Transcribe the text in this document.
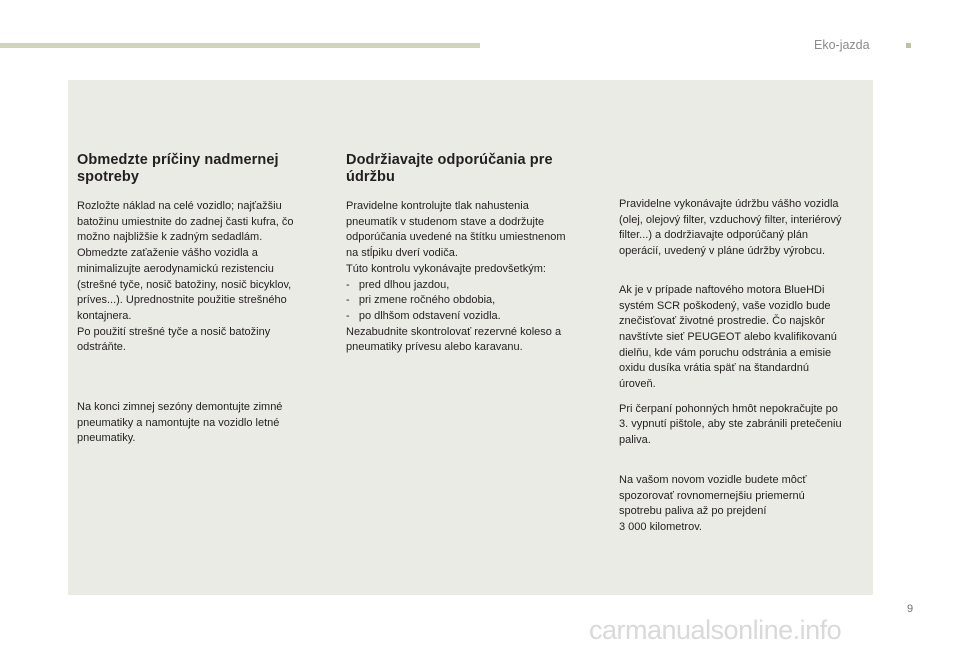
Eko-jazda

Obmedzte príčiny nadmernej
spotreby

Rozložte náklad na celé vozidlo; najťažšiu
batožinu umiestnite do zadnej časti kufra, čo
možno najbližšie k zadným sedadlám.
Obmedzte zaťaženie vášho vozidla a
minimalizujte aerodynamickú rezistenciu
(strešné tyče, nosič batožiny, nosič bicyklov,
príves...). Uprednostnite použitie strešného
kontajnera.
Po použití strešné tyče a nosič batožiny
odstráňte.

Na konci zimnej sezóny demontujte zimné
pneumatiky a namontujte na vozidlo letné
pneumatiky.

Dodržiavajte odporúčania pre
údržbu

Pravidelne kontrolujte tlak nahustenia
pneumatík v studenom stave a dodržujte
odporúčania uvedené na štítku umiestnenom
na stĺpiku dverí vodiča.
Túto kontrolu vykonávajte predovšetkým:
-   pred dlhou jazdou,
-   pri zmene ročného obdobia,
-   po dlhšom odstavení vozidla.
Nezabudnite skontrolovať rezervné koleso a
pneumatiky prívesu alebo karavanu.

Pravidelne vykonávajte údržbu vášho vozidla
(olej, olejový filter, vzduchový filter, interiérový
filter...) a dodržiavajte odporúčaný plán
operácií, uvedený v pláne údržby výrobcu.

Ak je v prípade naftového motora BlueHDi
systém SCR poškodený, vaše vozidlo bude
znečisťovať životné prostredie. Čo najskôr
navštívte sieť PEUGEOT alebo kvalifikovanú
dielňu, kde vám poruchu odstránia a emisie
oxidu dusíka vrátia späť na štandardnú
úroveň.

Pri čerpaní pohonných hmôt nepokračujte po
3. vypnutí pištole, aby ste zabránili pretečeniu
paliva.

Na vašom novom vozidle budete môcť
spozorovať rovnomernejšiu priemernú
spotrebu paliva až po prejdení
3 000 kilometrov.

9
carmanualsonline.info
